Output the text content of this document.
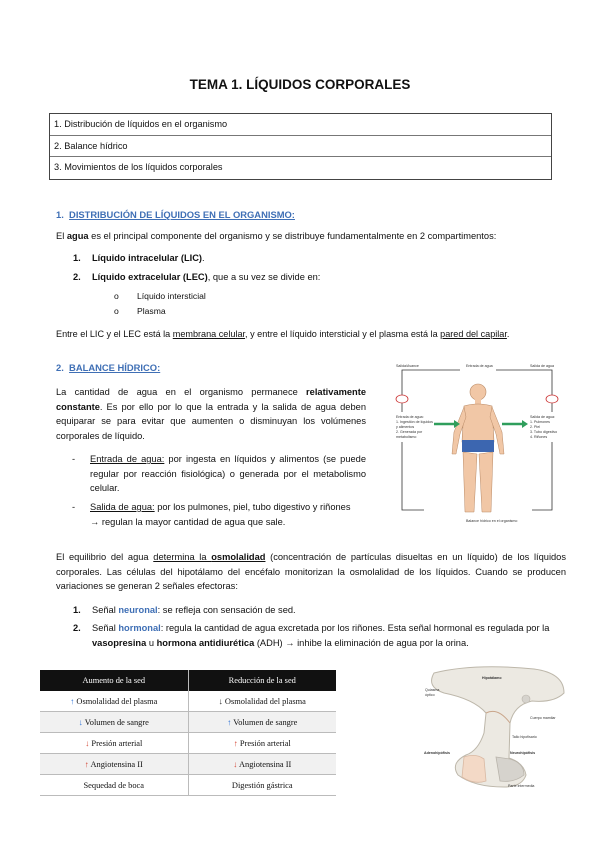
TEMA 1. LÍQUIDOS CORPORALES
1. Distribución de líquidos en el organismo
2. Balance hídrico
3. Movimientos de los líquidos corporales
1. DISTRIBUCIÓN DE LÍQUIDOS EN EL ORGANISMO:
El agua es el principal componente del organismo y se distribuye fundamentalmente en 2 compartimentos:
1. Líquido intracelular (LIC).
2. Líquido extracelular (LEC), que a su vez se divide en:
o Líquido intersticial
o Plasma
Entre el LIC y el LEC está la membrana celular, y entre el líquido intersticial y el plasma está la pared del capilar.
2. BALANCE HÍDRICO:
La cantidad de agua en el organismo permanece relativamente constante. Es por ello por lo que la entrada y la salida de agua deben equiparar se para evitar que aumenten o disminuyan los volúmenes corporales de líquido.
- Entrada de agua: por ingesta en líquidos y alimentos (se puede regular por reacción fisiológica) o generada por el metabolismo celular.
- Salida de agua: por los pulmones, piel, tubo digestivo y riñones
→ regulan la mayor cantidad de agua que sale.
Salida/Avance	Entrada de agua	Salida de agua
Entrada de agua:
1. Ingestión de líquidos
y alimentos
2. Generada por
metabolismo
Salida de agua:
1. Pulmones
2. Piel
3. Tubo digestivo
4. Riñones
Balance hídrico en el organismo
El equilibrio del agua determina la osmolalidad (concentración de partículas disueltas en un líquido) de los líquidos corporales. Las células del hipotálamo del encéfalo monitorizan la osmolalidad de los líquidos. Cuando se producen variaciones se generan 2 señales efectoras:
1. Señal neuronal: se refleja con sensación de sed.
2. Señal hormonal: regula la cantidad de agua excretada por los riñones. Esta señal hormonal es regulada por la vasopresina u hormona antidiurética (ADH) → inhibe la eliminación de agua por la orina.
Aumento de la sed	Reducción de la sed
↑ Osmolalidad del plasma	↓ Osmolalidad del plasma
↓ Volumen de sangre	↑ Volumen de sangre
↓ Presión arterial	↑ Presión arterial
↑ Angiotensina II	↓ Angiotensina II
Sequedad de boca	Digestión gástrica
Quiasma óptico
Hipotálamo
Cuerpo mamilar
Tallo hipofisario
Adenohipófisis	Neurohipófisis
Parte intermedia
